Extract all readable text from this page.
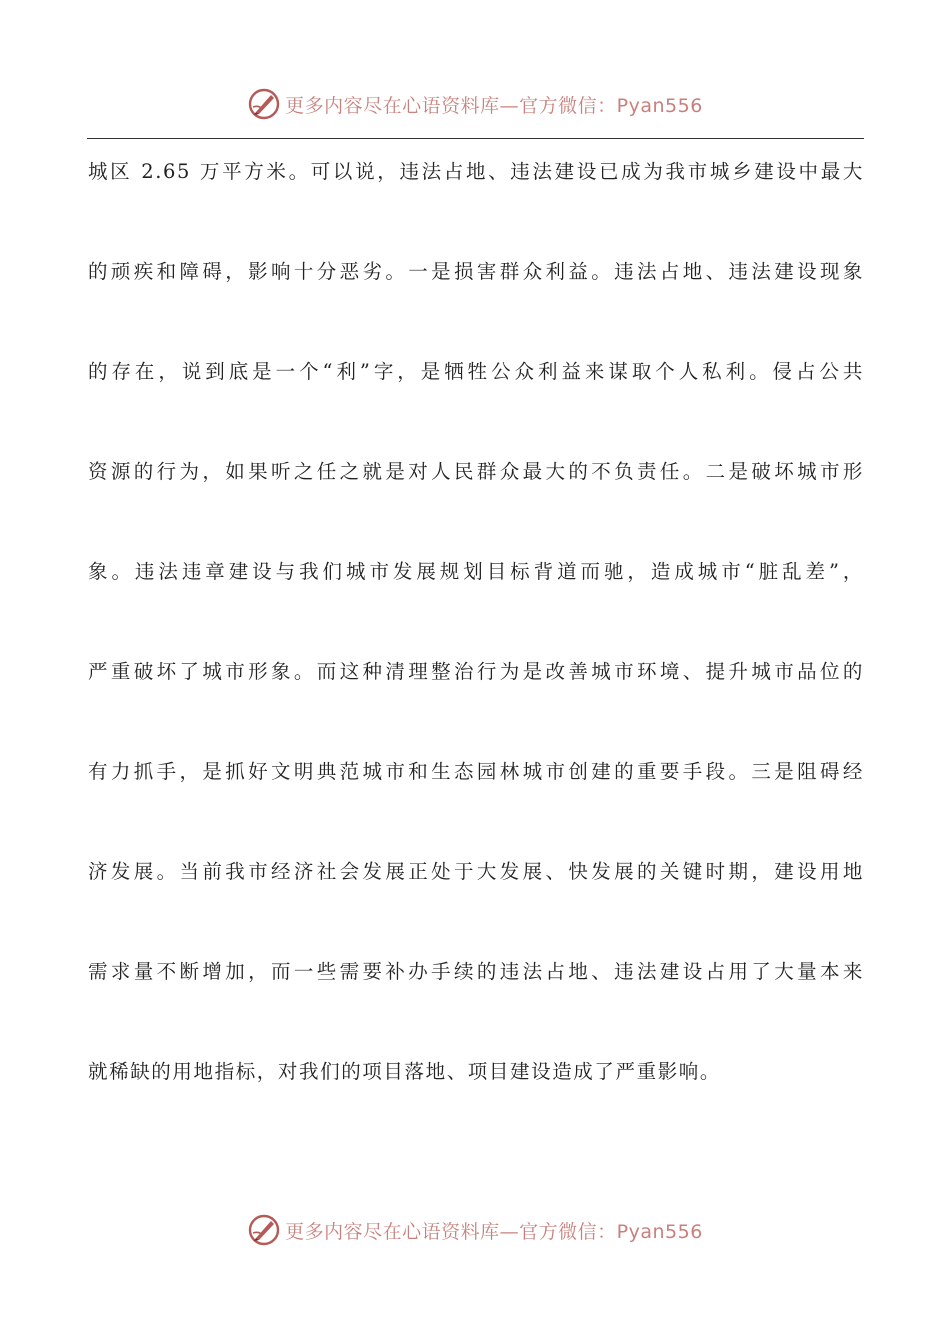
更多内容尽在心语资料库—官方微信：Pyan556
城区 2.65 万平方米。可以说，违法占地、违法建设已成为我市城乡建设中最大
的顽疾和障碍，影响十分恶劣。一是损害群众利益。违法占地、违法建设现象
的存在，说到底是一个“利”字，是牺牲公众利益来谋取个人私利。侵占公共
资源的行为，如果听之任之就是对人民群众最大的不负责任。二是破坏城市形
象。违法违章建设与我们城市发展规划目标背道而驰，造成城市“脏乱差”，
严重破坏了城市形象。而这种清理整治行为是改善城市环境、提升城市品位的
有力抓手，是抓好文明典范城市和生态园林城市创建的重要手段。三是阻碍经
济发展。当前我市经济社会发展正处于大发展、快发展的关键时期，建设用地
需求量不断增加，而一些需要补办手续的违法占地、违法建设占用了大量本来
就稀缺的用地指标，对我们的项目落地、项目建设造成了严重影响。
更多内容尽在心语资料库—官方微信：Pyan556
